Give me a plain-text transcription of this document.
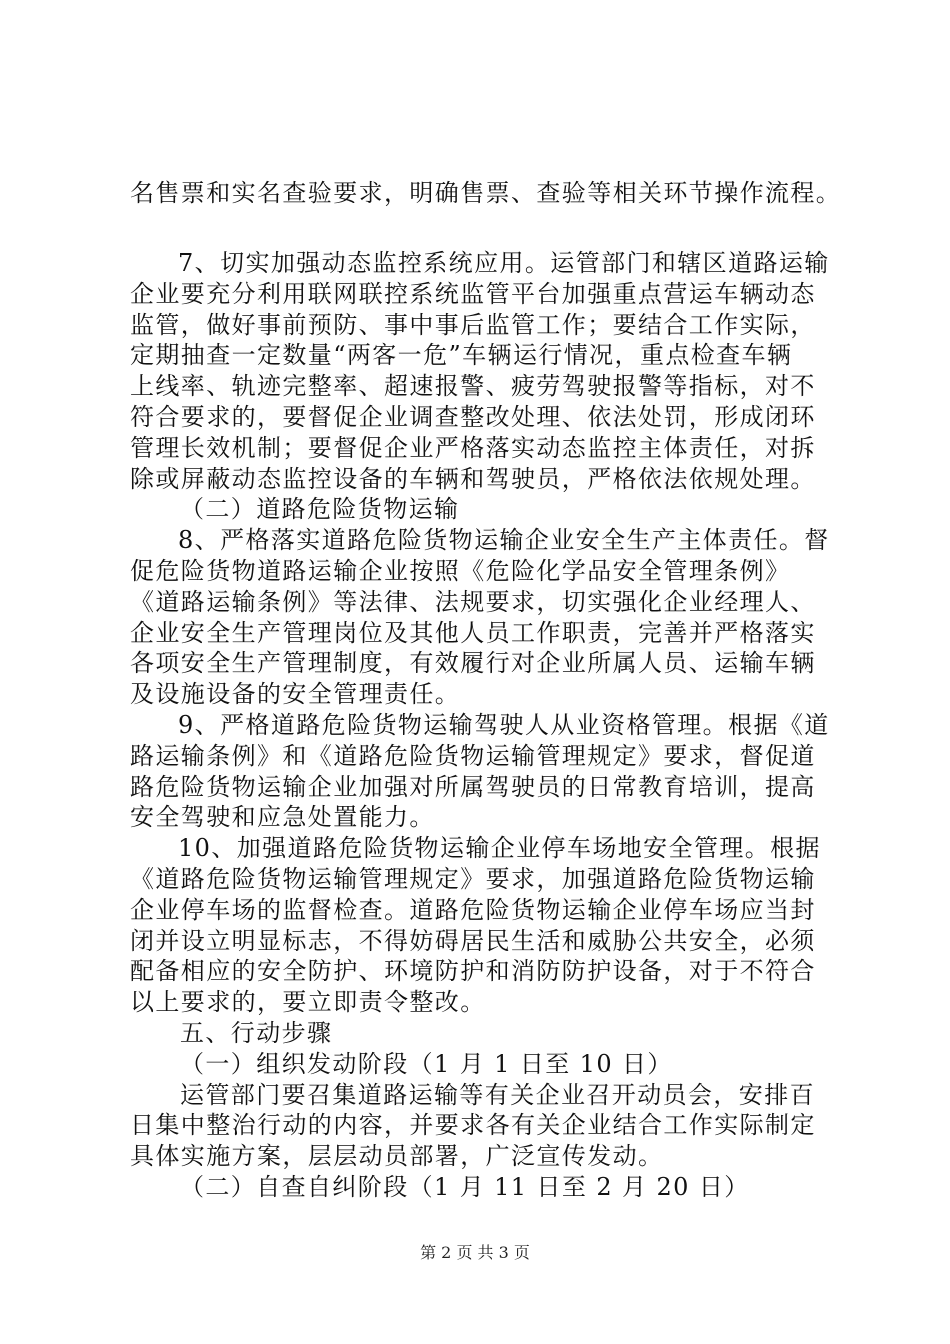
名售票和实名查验要求，明确售票、查验等相关环节操作流程。
7、切实加强动态监控系统应用。运管部门和辖区道路运输
企业要充分利用联网联控系统监管平台加强重点营运车辆动态
监管，做好事前预防、事中事后监管工作；要结合工作实际，
定期抽查一定数量“两客一危”车辆运行情况，重点检查车辆
上线率、轨迹完整率、超速报警、疲劳驾驶报警等指标，对不
符合要求的，要督促企业调查整改处理、依法处罚，形成闭环
管理长效机制；要督促企业严格落实动态监控主体责任，对拆
除或屏蔽动态监控设备的车辆和驾驶员，严格依法依规处理。
（二）道路危险货物运输
8、严格落实道路危险货物运输企业安全生产主体责任。督
促危险货物道路运输企业按照《危险化学品安全管理条例》
《道路运输条例》等法律、法规要求，切实强化企业经理人、
企业安全生产管理岗位及其他人员工作职责，完善并严格落实
各项安全生产管理制度，有效履行对企业所属人员、运输车辆
及设施设备的安全管理责任。
9、严格道路危险货物运输驾驶人从业资格管理。根据《道
路运输条例》和《道路危险货物运输管理规定》要求，督促道
路危险货物运输企业加强对所属驾驶员的日常教育培训，提高
安全驾驶和应急处置能力。
10、加强道路危险货物运输企业停车场地安全管理。根据
《道路危险货物运输管理规定》要求，加强道路危险货物运输
企业停车场的监督检查。道路危险货物运输企业停车场应当封
闭并设立明显标志，不得妨碍居民生活和威胁公共安全，必须
配备相应的安全防护、环境防护和消防防护设备，对于不符合
以上要求的，要立即责令整改。
五、行动步骤
（一）组织发动阶段（1 月 1 日至 10 日）
运管部门要召集道路运输等有关企业召开动员会，安排百
日集中整治行动的内容，并要求各有关企业结合工作实际制定
具体实施方案，层层动员部署，广泛宣传发动。
（二）自查自纠阶段（1 月 11 日至 2 月 20 日）
第 2 页 共 3 页
